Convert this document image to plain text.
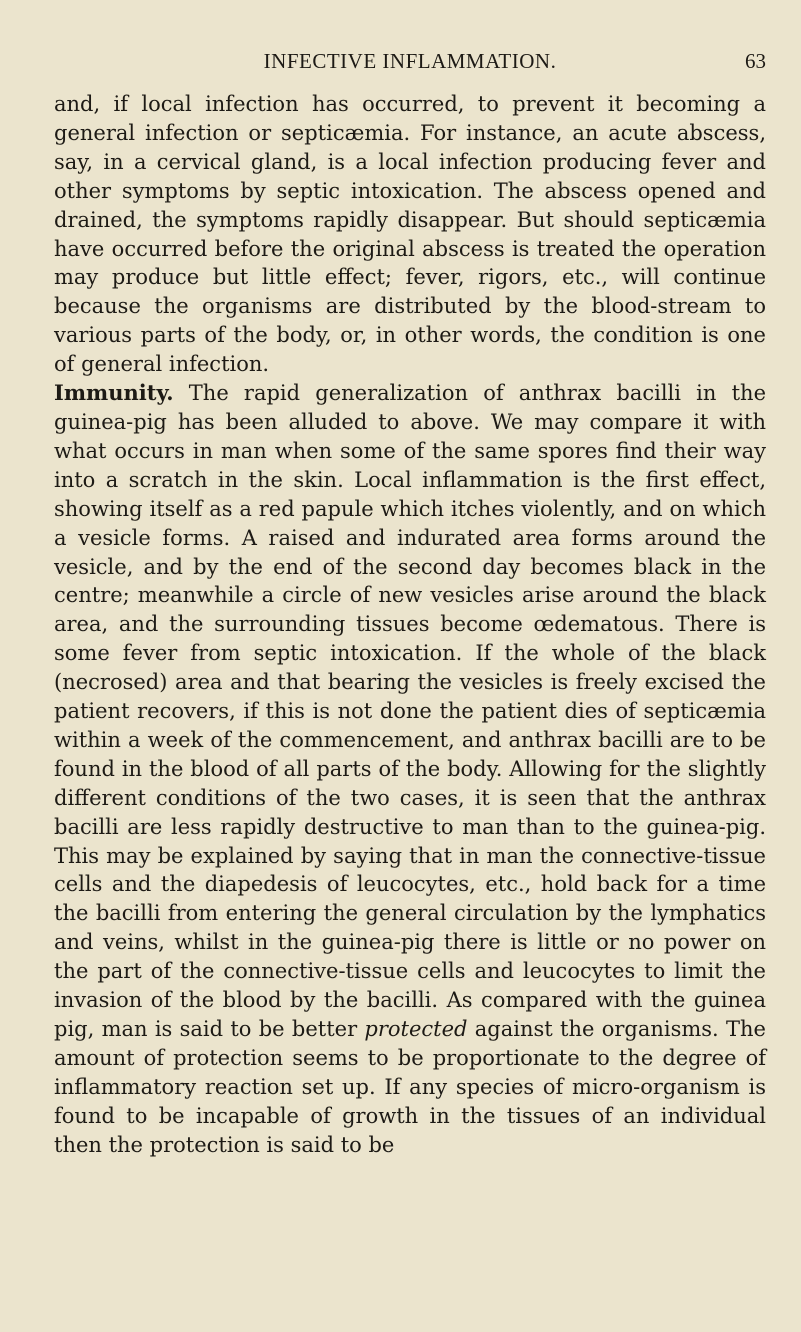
INFECTIVE INFLAMMATION.	63

and, if local infection has occurred, to prevent it becoming a general infection or septicæmia. For instance, an acute abscess, say, in a cervical gland, is a local infection producing fever and other symptoms by septic intoxication. The abscess opened and drained, the symptoms rapidly disappear. But should septicæmia have occurred before the original abscess is treated the operation may produce but little effect; fever, rigors, etc., will continue because the organisms are distributed by the blood-stream to various parts of the body, or, in other words, the condition is one of general infection.

Immunity. The rapid generalization of anthrax bacilli in the guinea-pig has been alluded to above. We may compare it with what occurs in man when some of the same spores find their way into a scratch in the skin. Local inflammation is the first effect, showing itself as a red papule which itches violently, and on which a vesicle forms. A raised and indurated area forms around the vesicle, and by the end of the second day becomes black in the centre; meanwhile a circle of new vesicles arise around the black area, and the surrounding tissues become œdematous. There is some fever from septic intoxication. If the whole of the black (necrosed) area and that bearing the vesicles is freely excised the patient recovers, if this is not done the patient dies of septicæmia within a week of the commencement, and anthrax bacilli are to be found in the blood of all parts of the body. Allowing for the slightly different conditions of the two cases, it is seen that the anthrax bacilli are less rapidly destructive to man than to the guinea-pig. This may be explained by saying that in man the connective-tissue cells and the diapedesis of leucocytes, etc., hold back for a time the bacilli from entering the general circulation by the lymphatics and veins, whilst in the guinea-pig there is little or no power on the part of the connective-tissue cells and leucocytes to limit the invasion of the blood by the bacilli. As compared with the guinea pig, man is said to be better protected against the organisms. The amount of protection seems to be proportionate to the degree of inflammatory reaction set up. If any species of micro-organism is found to be incapable of growth in the tissues of an individual then the protection is said to be
